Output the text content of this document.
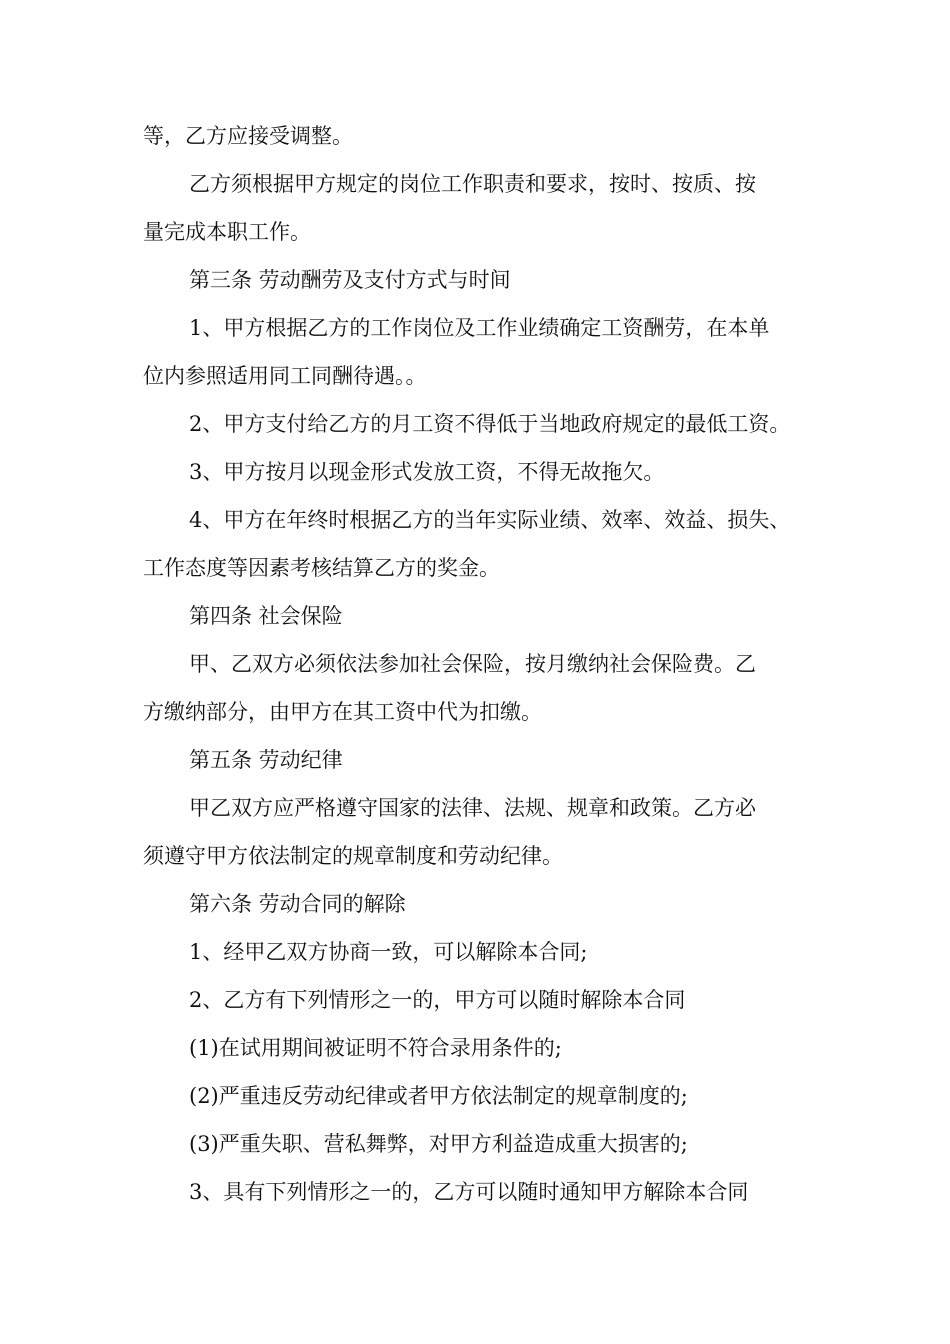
等，乙方应接受调整。

乙方须根据甲方规定的岗位工作职责和要求，按时、按质、按

量完成本职工作。

第三条 劳动酬劳及支付方式与时间

1、甲方根据乙方的工作岗位及工作业绩确定工资酬劳，在本单

位内参照适用同工同酬待遇。。

2、甲方支付给乙方的月工资不得低于当地政府规定的最低工资。

3、甲方按月以现金形式发放工资，不得无故拖欠。

4、甲方在年终时根据乙方的当年实际业绩、效率、效益、损失、

工作态度等因素考核结算乙方的奖金。

第四条 社会保险

甲、乙双方必须依法参加社会保险，按月缴纳社会保险费。乙

方缴纳部分，由甲方在其工资中代为扣缴。

第五条 劳动纪律

甲乙双方应严格遵守国家的法律、法规、规章和政策。乙方必

须遵守甲方依法制定的规章制度和劳动纪律。

第六条 劳动合同的解除

1、经甲乙双方协商一致，可以解除本合同;

2、乙方有下列情形之一的，甲方可以随时解除本合同

(1)在试用期间被证明不符合录用条件的;

(2)严重违反劳动纪律或者甲方依法制定的规章制度的;

(3)严重失职、营私舞弊，对甲方利益造成重大损害的;

3、具有下列情形之一的，乙方可以随时通知甲方解除本合同
